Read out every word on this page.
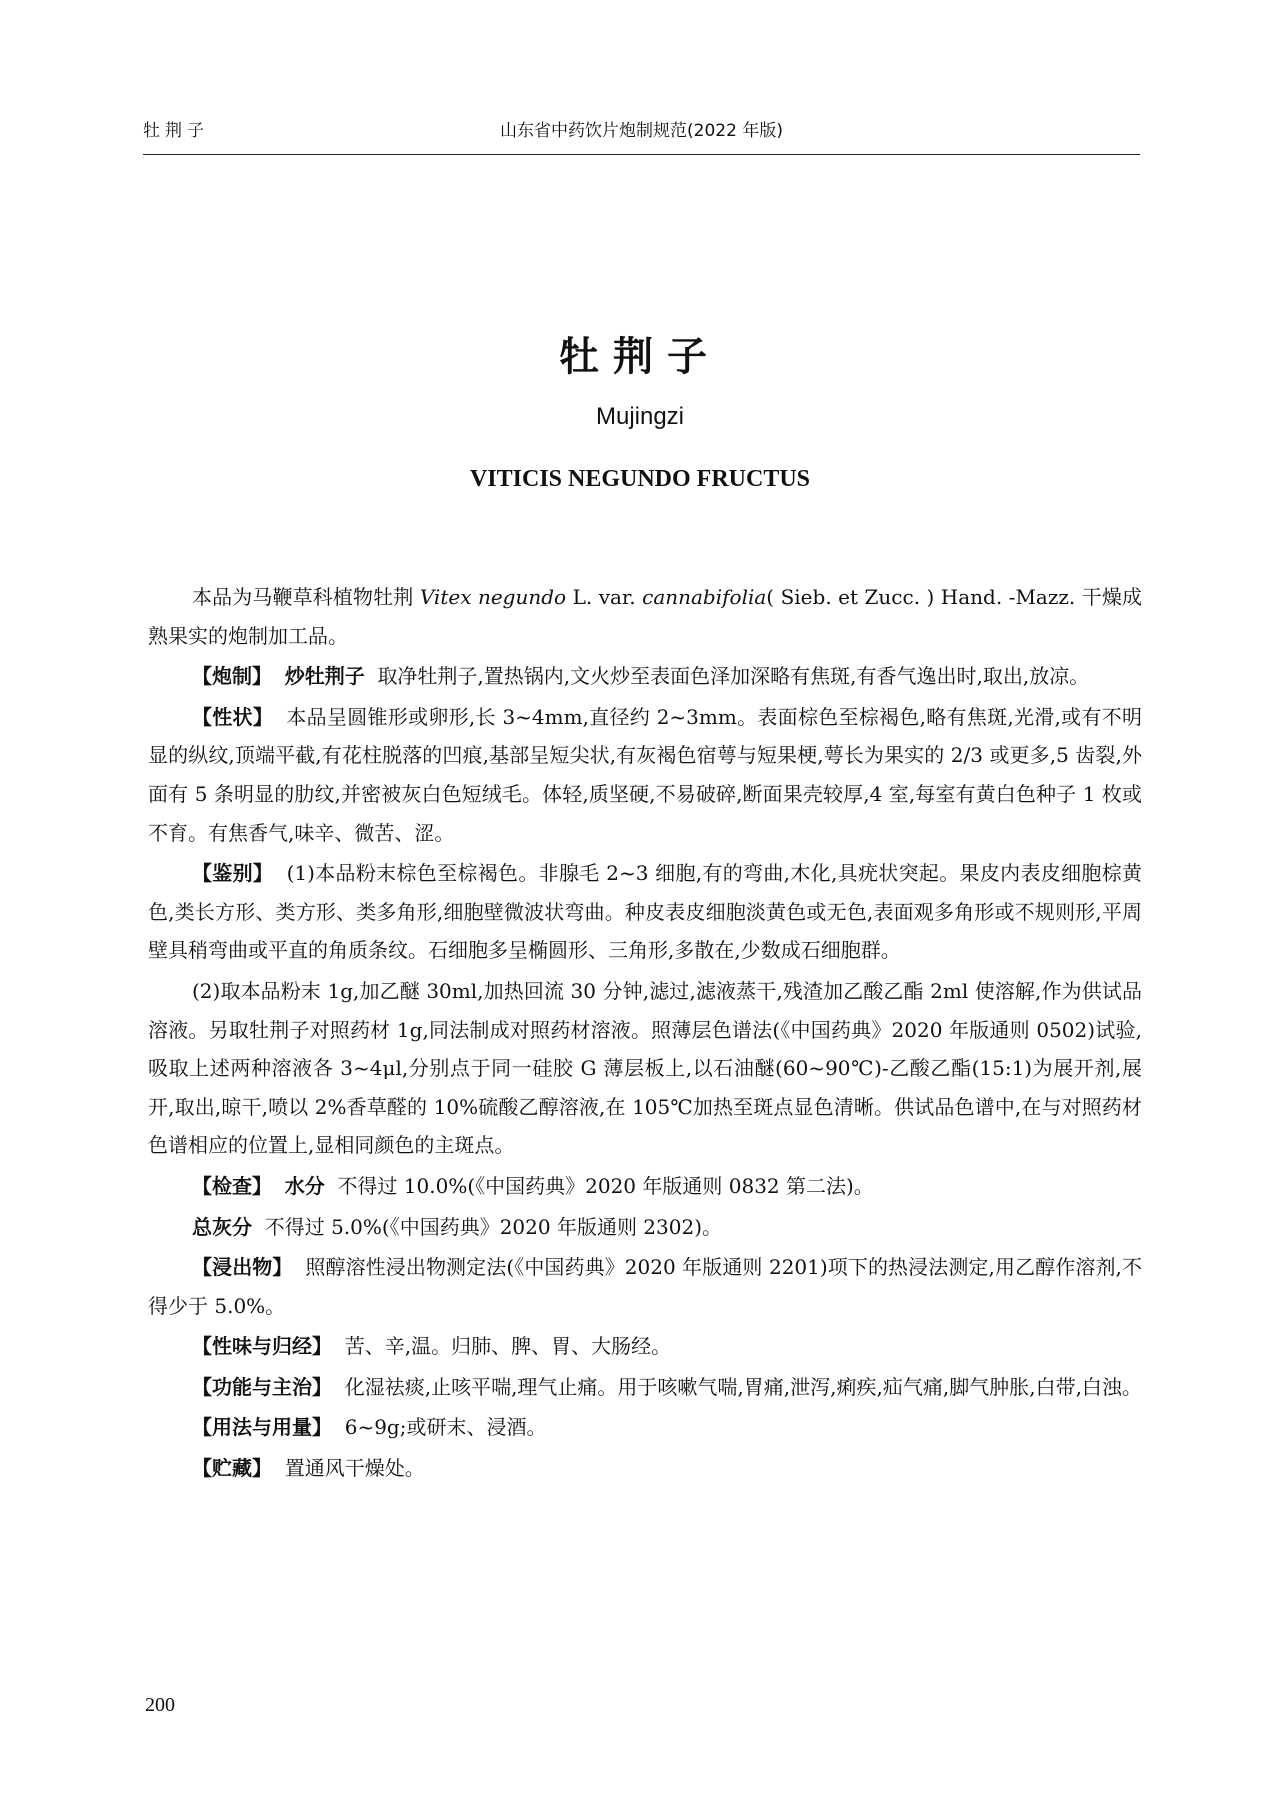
牡荆子	山东省中药饮片炮制规范(2022 年版)
牡荆子
Mujingzi
VITICIS NEGUNDO FRUCTUS

本品为马鞭草科植物牡荆 Vitex negundo L. var. cannabifolia( Sieb. et Zucc. ) Hand. -Mazz. 干燥成熟果实的炮制加工品。

【炮制】 炒牡荆子 取净牡荆子,置热锅内,文火炒至表面色泽加深略有焦斑,有香气逸出时,取出,放凉。

【性状】 本品呈圆锥形或卵形,长 3~4mm,直径约 2~3mm。表面棕色至棕褐色,略有焦斑,光滑,或有不明显的纵纹,顶端平截,有花柱脱落的凹痕,基部呈短尖状,有灰褐色宿萼与短果梗,萼长为果实的 2/3 或更多,5 齿裂,外面有 5 条明显的肋纹,并密被灰白色短绒毛。体轻,质坚硬,不易破碎,断面果壳较厚,4 室,每室有黄白色种子 1 枚或不育。有焦香气,味辛、微苦、涩。

【鉴别】 (1)本品粉末棕色至棕褐色。非腺毛 2~3 细胞,有的弯曲,木化,具疣状突起。果皮内表皮细胞棕黄色,类长方形、类方形、类多角形,细胞壁微波状弯曲。种皮表皮细胞淡黄色或无色,表面观多角形或不规则形,平周壁具稍弯曲或平直的角质条纹。石细胞多呈椭圆形、三角形,多散在,少数成石细胞群。

(2)取本品粉末 1g,加乙醚 30ml,加热回流 30 分钟,滤过,滤液蒸干,残渣加乙酸乙酯 2ml 使溶解,作为供试品溶液。另取牡荆子对照药材 1g,同法制成对照药材溶液。照薄层色谱法(《中国药典》2020 年版通则 0502)试验,吸取上述两种溶液各 3~4μl,分别点于同一硅胶 G 薄层板上,以石油醚(60~90℃)-乙酸乙酯(15:1)为展开剂,展开,取出,晾干,喷以 2%香草醛的 10%硫酸乙醇溶液,在 105℃加热至斑点显色清晰。供试品色谱中,在与对照药材色谱相应的位置上,显相同颜色的主斑点。

【检查】 水分 不得过 10.0%(《中国药典》2020 年版通则 0832 第二法)。

总灰分 不得过 5.0%(《中国药典》2020 年版通则 2302)。

【浸出物】 照醇溶性浸出物测定法(《中国药典》2020 年版通则 2201)项下的热浸法测定,用乙醇作溶剂,不得少于 5.0%。

【性味与归经】 苦、辛,温。归肺、脾、胃、大肠经。

【功能与主治】 化湿祛痰,止咳平喘,理气止痛。用于咳嗽气喘,胃痛,泄泻,痢疾,疝气痛,脚气肿胀,白带,白浊。

【用法与用量】 6~9g;或研末、浸酒。

【贮藏】 置通风干燥处。

200
